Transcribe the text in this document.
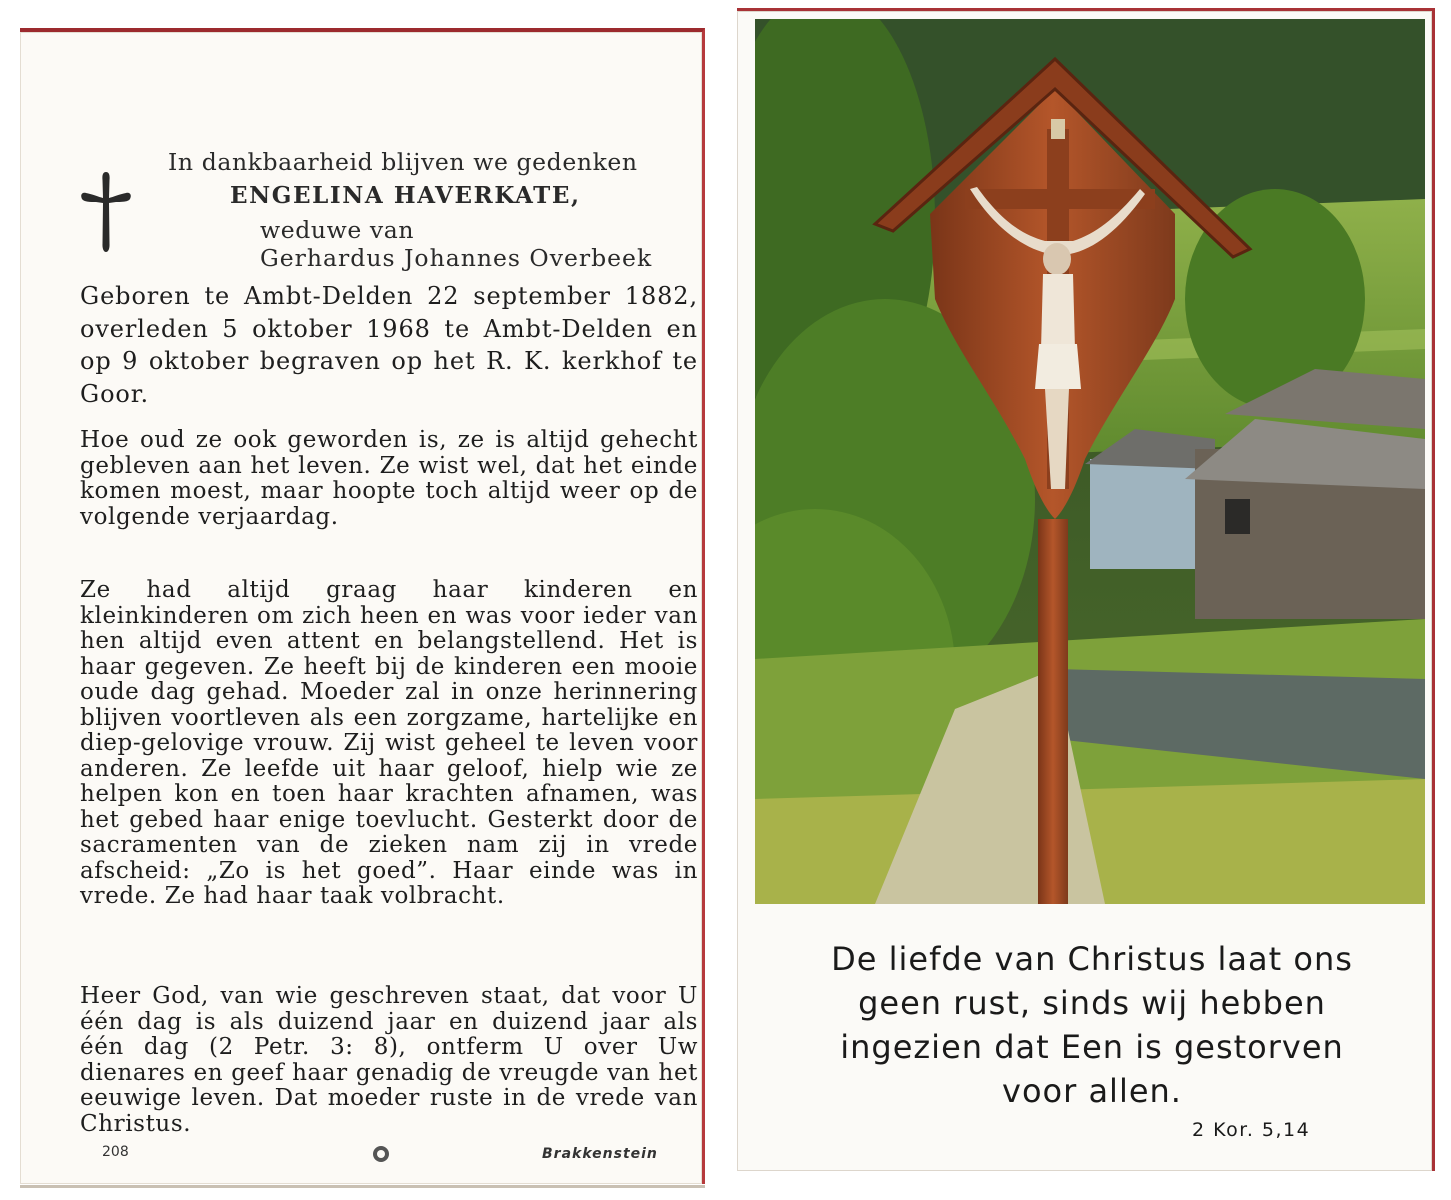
In dankbaarheid blijven we gedenken
ENGELINA HAVERKATE,
weduwe van
Gerhardus Johannes Overbeek

Geboren te Ambt-Delden 22 september 1882, overleden 5 oktober 1968 te Ambt-Delden en op 9 oktober begraven op het R. K. kerkhof te Goor.

Hoe oud ze ook geworden is, ze is altijd gehecht gebleven aan het leven. Ze wist wel, dat het einde komen moest, maar hoopte toch altijd weer op de volgende verjaardag.

Ze had altijd graag haar kinderen en kleinkinderen om zich heen en was voor ieder van hen altijd even attent en belangstellend. Het is haar gegeven. Ze heeft bij de kinderen een mooie oude dag gehad. Moeder zal in onze herinnering blijven voortleven als een zorgzame, hartelijke en diep-gelovige vrouw. Zij wist geheel te leven voor anderen. Ze leefde uit haar geloof, hielp wie ze helpen kon en toen haar krachten afnamen, was het gebed haar enige toevlucht. Gesterkt door de sacramenten van de zieken nam zij in vrede afscheid: „Zo is het goed”. Haar einde was in vrede. Ze had haar taak volbracht.

Heer God, van wie geschreven staat, dat voor U één dag is als duizend jaar en duizend jaar als één dag (2 Petr. 3: 8), ontferm U over Uw dienares en geef haar genadig de vreugde van het eeuwige leven. Dat moeder ruste in de vrede van Christus.

208	Brakkenstein
De liefde van Christus laat ons
geen rust, sinds wij hebben
ingezien dat Een is gestorven
voor allen.
2 Kor. 5,14
